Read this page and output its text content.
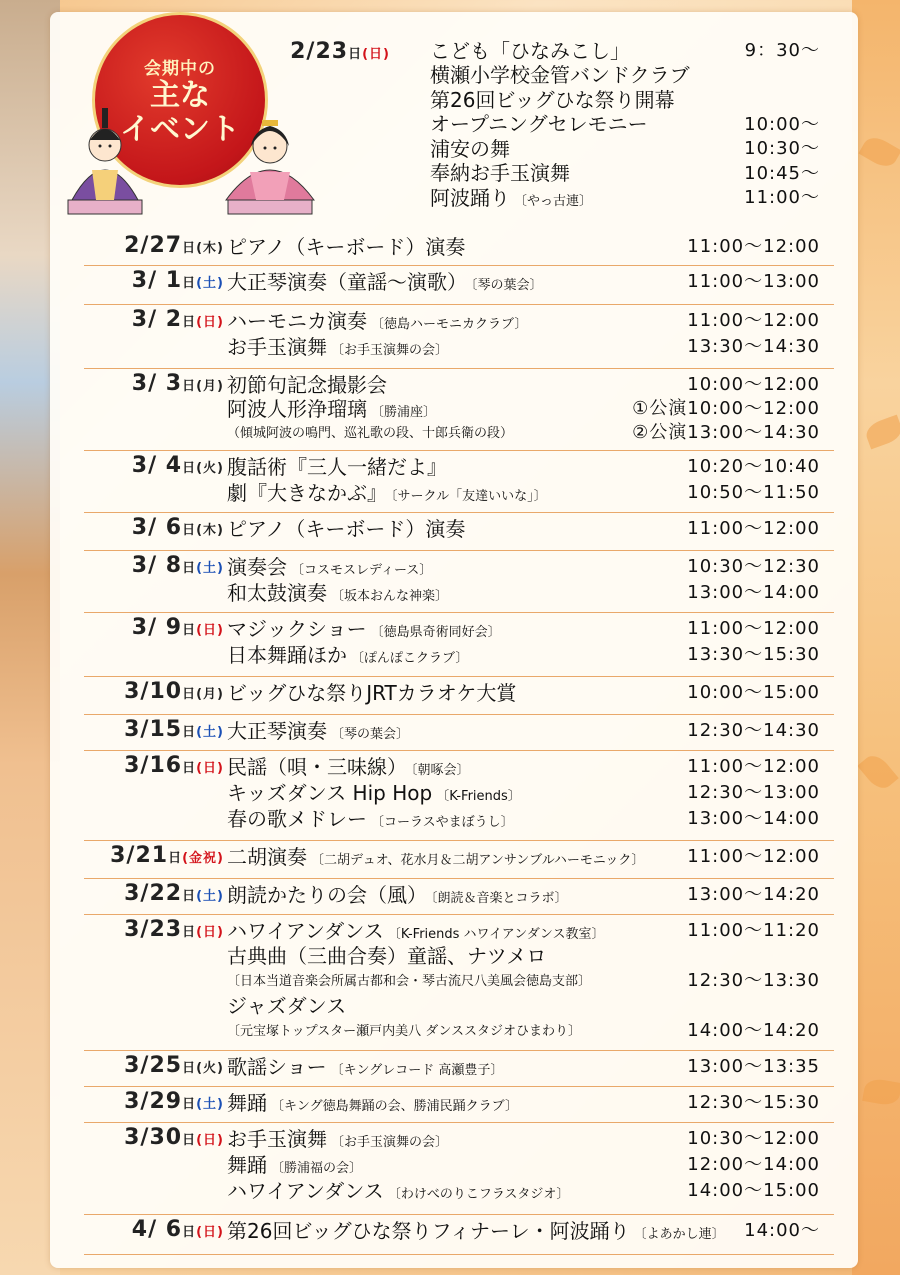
会期中の
主な
イベント
2/23日(日) こども「ひなみこし」	9：30～
横瀬小学校金管バンドクラブ
第26回ビッグひな祭り開幕
オープニングセレモニー	10:00～
浦安の舞	10:30～
奉納お手玉演舞	10:45～
阿波踊り 〔やっ古連〕	11:00～
2/27日(木) ピアノ（キーボード）演奏	11:00～12:00
3/ 1日(土) 大正琴演奏（童謡～演歌） 〔琴の葉会〕	11:00～13:00
3/ 2日(日) ハーモニカ演奏 〔徳島ハーモニカクラブ〕	11:00～12:00
お手玉演舞 〔お手玉演舞の会〕	13:30～14:30
3/ 3日(月) 初節句記念撮影会	10:00～12:00
阿波人形浄瑠璃 〔勝浦座〕	①公演10:00～12:00
（傾城阿波の鳴門、巡礼歌の段、十郎兵衛の段）	②公演13:00～14:30
3/ 4日(火) 腹話術『三人一緒だよ』	10:20～10:40
劇『大きなかぶ』 〔サークル「友達いいな」〕	10:50～11:50
3/ 6日(木) ピアノ（キーボード）演奏	11:00～12:00
3/ 8日(土) 演奏会 〔コスモスレディース〕	10:30～12:30
和太鼓演奏 〔坂本おんな神楽〕	13:00～14:00
3/ 9日(日) マジックショー 〔徳島県奇術同好会〕	11:00～12:00
日本舞踊ほか 〔ぽんぽこクラブ〕	13:30～15:30
3/10日(月) ビッグひな祭りJRTカラオケ大賞	10:00～15:00
3/15日(土) 大正琴演奏 〔琴の葉会〕	12:30～14:30
3/16日(日) 民謡（唄・三味線） 〔朝啄会〕	11:00～12:00
キッズダンス Hip Hop 〔K-Friends〕	12:30～13:00
春の歌メドレー 〔コーラスやまぼうし〕	13:00～14:00
3/21日(金祝) 二胡演奏 〔二胡デュオ、花水月＆二胡アンサンブルハーモニック〕 11:00～12:00
3/22日(土) 朗読かたりの会（風） 〔朗読＆音楽とコラボ〕	13:00～14:20
3/23日(日) ハワイアンダンス 〔K-Friends ハワイアンダンス教室〕	11:00～11:20
古典曲（三曲合奏）童謡、ナツメロ
〔日本当道音楽会所属古都和会・琴古流尺八美風会徳島支部〕	12:30～13:30
ジャズダンス
〔元宝塚トップスター瀬戸内美八 ダンススタジオひまわり〕	14:00～14:20
3/25日(火) 歌謡ショー 〔キングレコード 高瀬豊子〕	13:00～13:35
3/29日(土) 舞踊 〔キング徳島舞踊の会、勝浦民踊クラブ〕	12:30～15:30
3/30日(日) お手玉演舞 〔お手玉演舞の会〕	10:30～12:00
舞踊 〔勝浦福の会〕	12:00～14:00
ハワイアンダンス 〔わけべのりこフラスタジオ〕	14:00～15:00
4/ 6日(日) 第26回ビッグひな祭りフィナーレ・阿波踊り 〔よあかし連〕 14:00～
